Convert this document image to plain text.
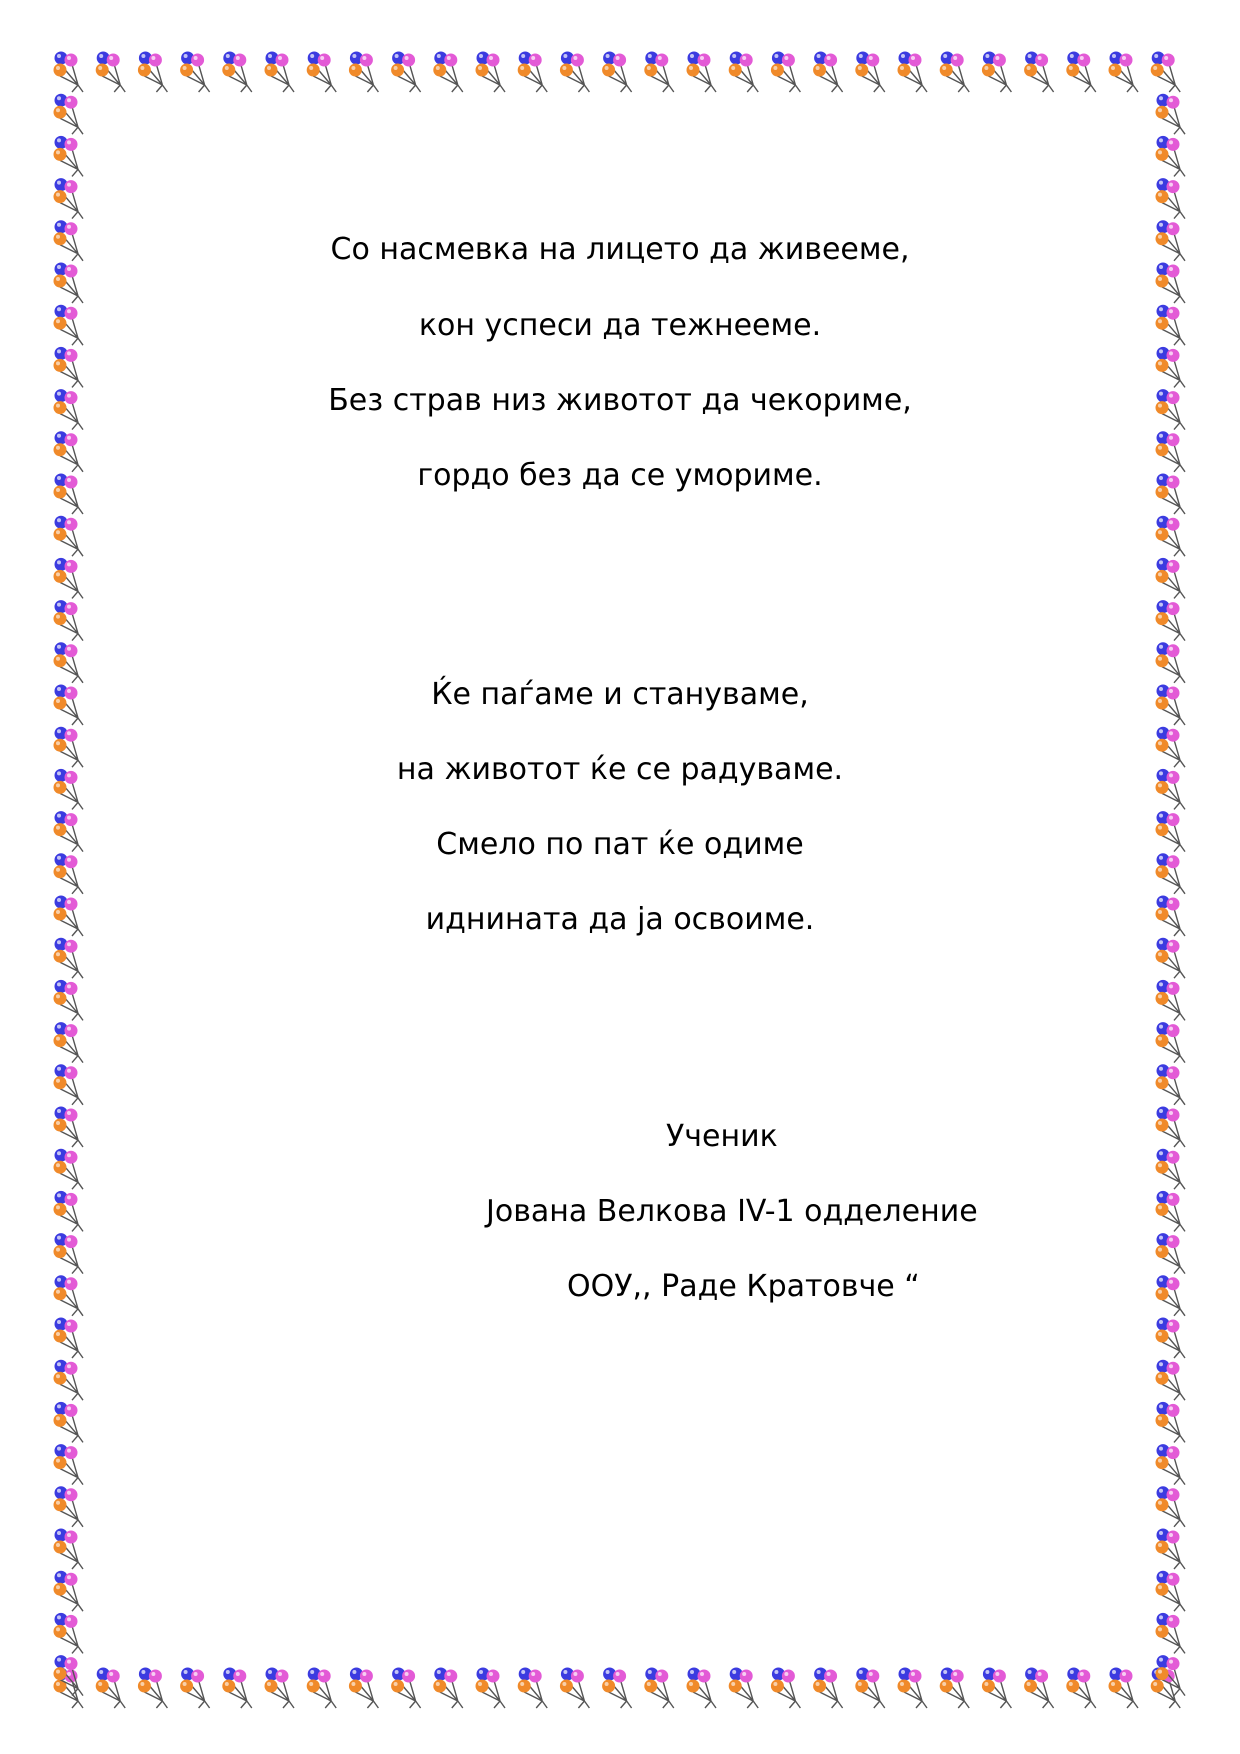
Со насмевка на лицето да живееме,
кон успеси да тежнееме.
Без страв низ животот да чекориме,
гордо без да се умориме.
Ќе паѓаме и стануваме,
на животот ќе се радуваме.
Смело по пат ќе одиме
иднината да ја освоиме.
Ученик
Јована Велкова IV-1 одделение
ООУ,, Раде Кратовче “
